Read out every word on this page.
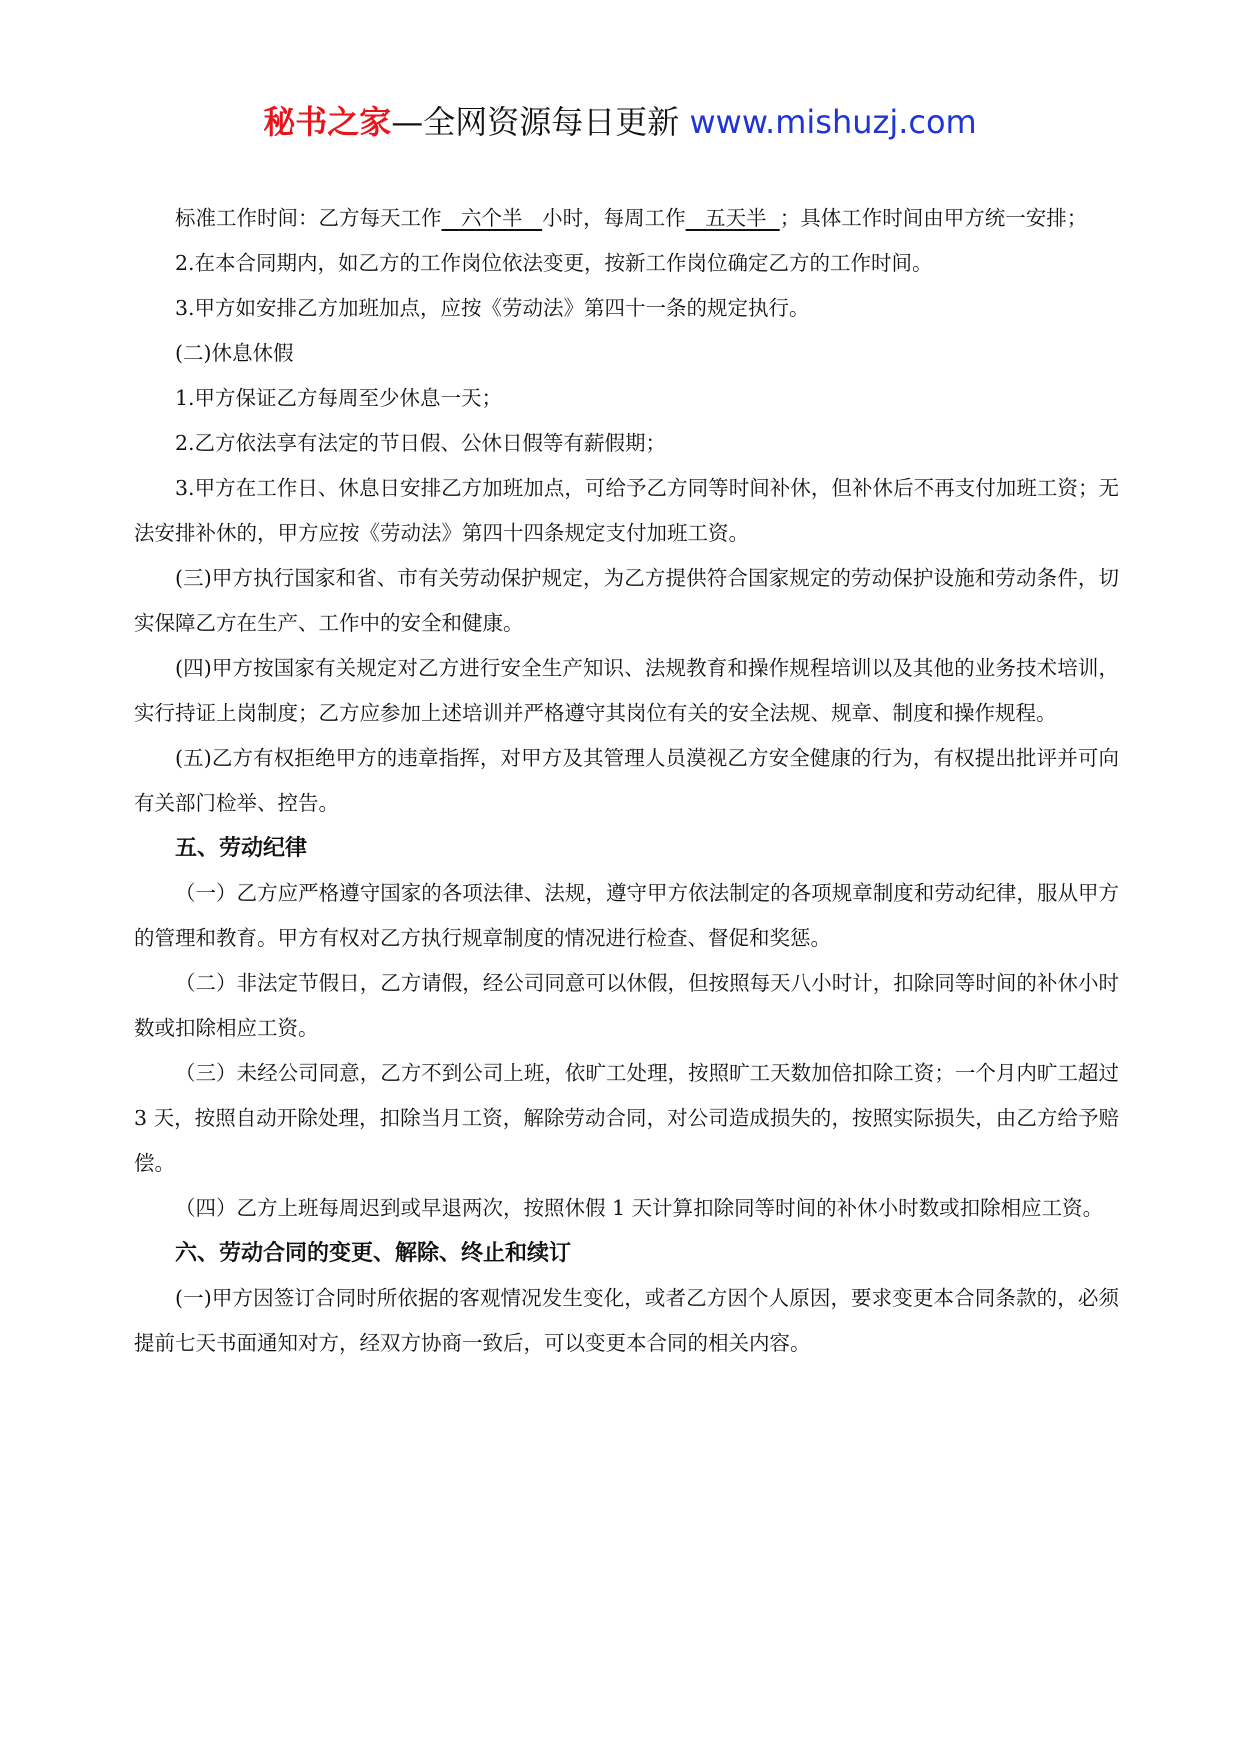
秘书之家—全网资源每日更新 www.mishuzj.com

标准工作时间：乙方每天工作   六个半   小时，每周工作   五天半  ；具体工作时间由甲方统一安排；

2.在本合同期内，如乙方的工作岗位依法变更，按新工作岗位确定乙方的工作时间。

3.甲方如安排乙方加班加点，应按《劳动法》第四十一条的规定执行。

(二)休息休假

1.甲方保证乙方每周至少休息一天；

2.乙方依法享有法定的节日假、公休日假等有薪假期；

3.甲方在工作日、休息日安排乙方加班加点，可给予乙方同等时间补休，但补休后不再支付加班工资；无法安排补休的，甲方应按《劳动法》第四十四条规定支付加班工资。

(三)甲方执行国家和省、市有关劳动保护规定，为乙方提供符合国家规定的劳动保护设施和劳动条件，切实保障乙方在生产、工作中的安全和健康。

(四)甲方按国家有关规定对乙方进行安全生产知识、法规教育和操作规程培训以及其他的业务技术培训，实行持证上岗制度；乙方应参加上述培训并严格遵守其岗位有关的安全法规、规章、制度和操作规程。

(五)乙方有权拒绝甲方的违章指挥，对甲方及其管理人员漠视乙方安全健康的行为，有权提出批评并可向有关部门检举、控告。

五、劳动纪律

（一）乙方应严格遵守国家的各项法律、法规，遵守甲方依法制定的各项规章制度和劳动纪律，服从甲方的管理和教育。甲方有权对乙方执行规章制度的情况进行检查、督促和奖惩。

（二）非法定节假日，乙方请假，经公司同意可以休假，但按照每天八小时计，扣除同等时间的补休小时数或扣除相应工资。

（三）未经公司同意，乙方不到公司上班，依旷工处理，按照旷工天数加倍扣除工资；一个月内旷工超过 3 天，按照自动开除处理，扣除当月工资，解除劳动合同，对公司造成损失的，按照实际损失，由乙方给予赔偿。

（四）乙方上班每周迟到或早退两次，按照休假 1 天计算扣除同等时间的补休小时数或扣除相应工资。

六、劳动合同的变更、解除、终止和续订

(一)甲方因签订合同时所依据的客观情况发生变化，或者乙方因个人原因，要求变更本合同条款的，必须提前七天书面通知对方，经双方协商一致后，可以变更本合同的相关内容。
